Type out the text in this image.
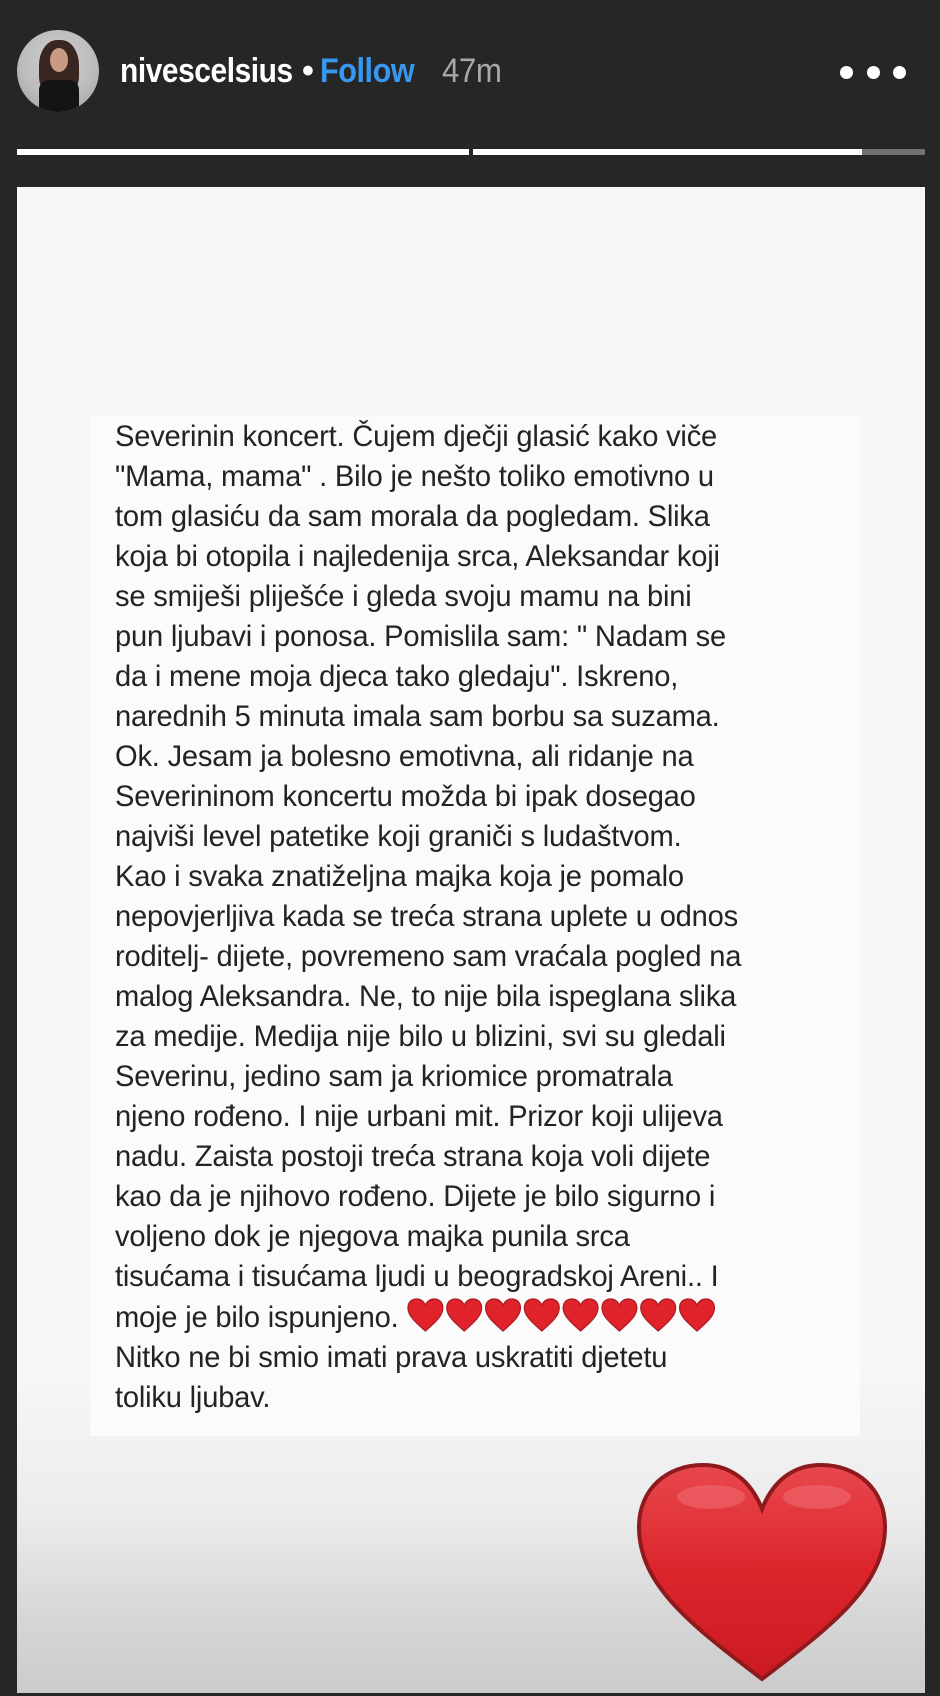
nivescelsius • Follow 47m

Severinin koncert. Čujem dječji glasić kako viče
"Mama, mama" . Bilo je nešto toliko emotivno u
tom glasiću da sam morala da pogledam. Slika
koja bi otopila i najledenija srca, Aleksandar koji
se smiješi pliješće i gleda svoju mamu na bini
pun ljubavi i ponosa. Pomislila sam: " Nadam se
da i mene moja djeca tako gledaju". Iskreno,
narednih 5 minuta imala sam borbu sa suzama.
Ok. Jesam ja bolesno emotivna, ali ridanje na
Severininom koncertu možda bi ipak dosegao
najviši level patetike koji graniči s ludaštvom.
Kao i svaka znatiželjna majka koja je pomalo
nepovjerljiva kada se treća strana uplete u odnos
roditelj- dijete, povremeno sam vraćala pogled na
malog Aleksandra. Ne, to nije bila ispeglana slika
za medije. Medija nije bilo u blizini, svi su gledali
Severinu, jedino sam ja kriomice promatrala
njeno rođeno. I nije urbani mit. Prizor koji ulijeva
nadu. Zaista postoji treća strana koja voli dijete
kao da je njihovo rođeno. Dijete je bilo sigurno i
voljeno dok je njegova majka punila srca
tisućama i tisućama ljudi u beogradskoj Areni.. I
moje je bilo ispunjeno.
Nitko ne bi smio imati prava uskratiti djetetu
toliku ljubav.
